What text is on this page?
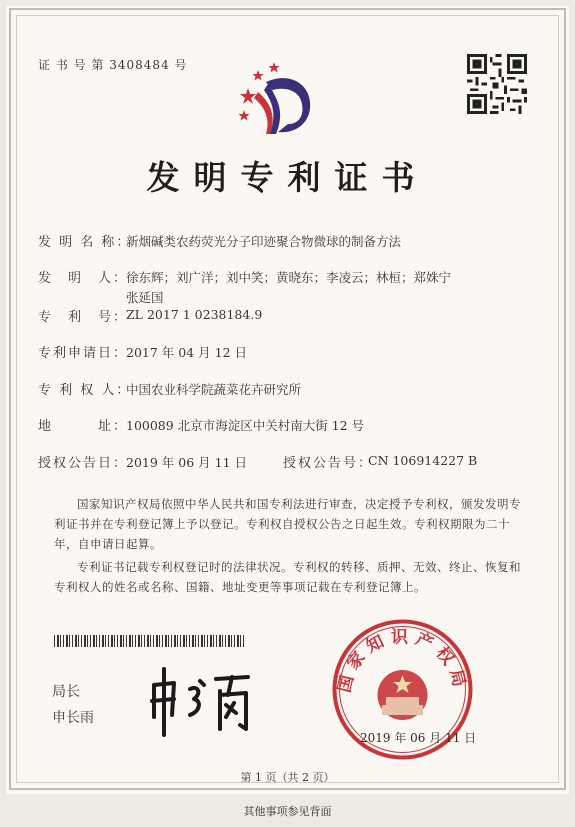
证 书 号 第 3408484 号
发明专利证书
发 明 名 称：
新烟碱类农药荧光分子印迹聚合物微球的制备方法
发　明　人：
徐东辉；刘广洋；刘中笑；黄晓东；李凌云；林桓；郑姝宁
张延国
专　利　号：
ZL 2017 1 0238184.9
专利申请日：
2017 年 04 月 12 日
专 利 权 人：
中国农业科学院蔬菜花卉研究所
地　　　址：
100089 北京市海淀区中关村南大街 12 号
授权公告日：
2019 年 06 月 11 日	授权公告号：
CN 106914227 B
国家知识产权局依照中华人民共和国专利法进行审查，决定授予专利权，颁发发明专利证书并在专利登记簿上予以登记。专利权自授权公告之日起生效。专利权期限为二十年，自申请日起算。
专利证书记载专利权登记时的法律状况。专利权的转移、质押、无效、终止、恢复和专利权人的姓名或名称、国籍、地址变更等事项记载在专利登记簿上。
局长
申长雨
国家知识产权局
2019 年 06 月 11 日
第 1 页（共 2 页）
其他事项参见背面
